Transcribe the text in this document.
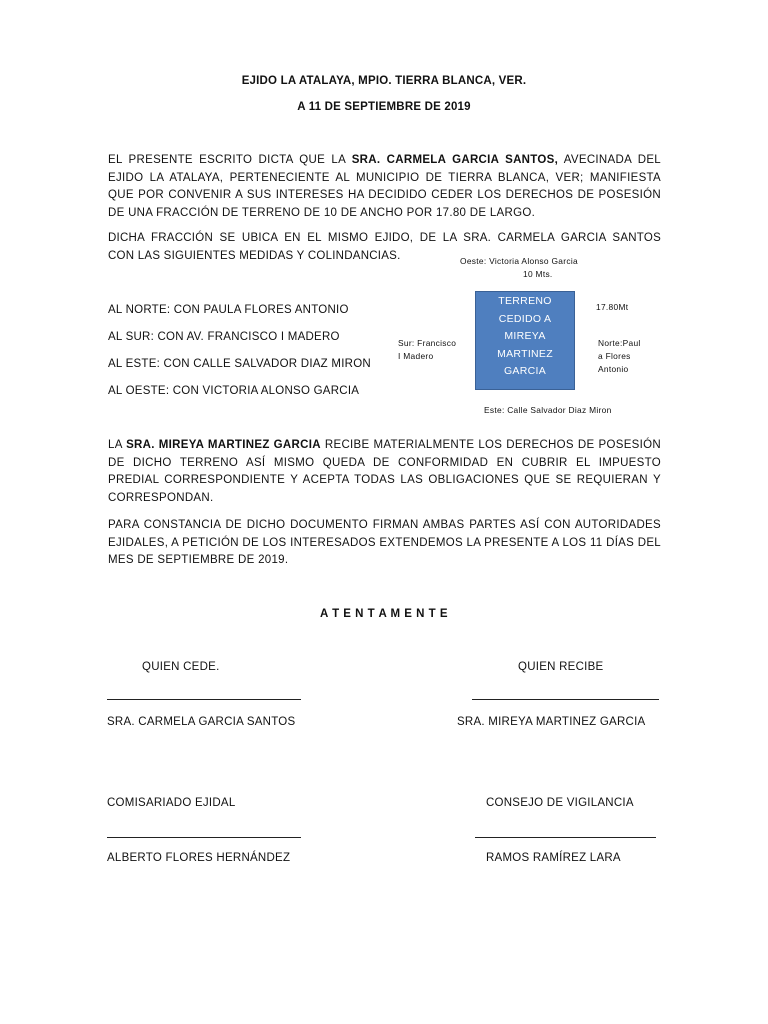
EJIDO LA ATALAYA, MPIO. TIERRA BLANCA, VER.
A 11 DE SEPTIEMBRE DE 2019
EL PRESENTE ESCRITO DICTA QUE LA SRA. CARMELA GARCIA SANTOS, AVECINADA DEL EJIDO LA ATALAYA, PERTENECIENTE AL MUNICIPIO DE TIERRA BLANCA, VER; MANIFIESTA QUE POR CONVENIR A SUS INTERESES HA DECIDIDO CEDER LOS DERECHOS DE POSESIÓN DE UNA FRACCIÓN DE TERRENO DE 10 DE ANCHO POR 17.80 DE LARGO.
DICHA FRACCIÓN SE UBICA EN EL MISMO EJIDO, DE LA SRA. CARMELA GARCIA SANTOS
CON LAS SIGUIENTES MEDIDAS Y COLINDANCIAS.
AL NORTE: CON PAULA FLORES ANTONIO
AL SUR: CON AV. FRANCISCO I MADERO
AL ESTE: CON CALLE SALVADOR DIAZ MIRON
AL OESTE: CON VICTORIA ALONSO GARCIA
Oeste: Victoria Alonso Garcia
10 Mts.
17.80Mt
Sur: Francisco
I Madero
Norte:Paul
a Flores
Antonio
Este: Calle Salvador Diaz Miron
TERRENO
CEDIDO A
MIREYA
MARTINEZ
GARCIA
LA SRA. MIREYA MARTINEZ GARCIA RECIBE MATERIALMENTE LOS DERECHOS DE POSESIÓN DE DICHO TERRENO ASÍ MISMO QUEDA DE CONFORMIDAD EN CUBRIR EL IMPUESTO PREDIAL CORRESPONDIENTE Y ACEPTA TODAS LAS OBLIGACIONES QUE SE REQUIERAN Y CORRESPONDAN.
PARA CONSTANCIA DE DICHO DOCUMENTO FIRMAN AMBAS PARTES ASÍ CON AUTORIDADES EJIDALES, A PETICIÓN DE LOS INTERESADOS EXTENDEMOS LA PRESENTE A LOS 11 DÍAS DEL MES DE SEPTIEMBRE DE 2019.
A T E N T A M E N T E
QUIEN CEDE.	QUIEN RECIBE
SRA. CARMELA GARCIA SANTOS	SRA. MIREYA MARTINEZ GARCIA
COMISARIADO EJIDAL	CONSEJO DE VIGILANCIA
ALBERTO FLORES HERNÁNDEZ	RAMOS RAMÍREZ LARA
